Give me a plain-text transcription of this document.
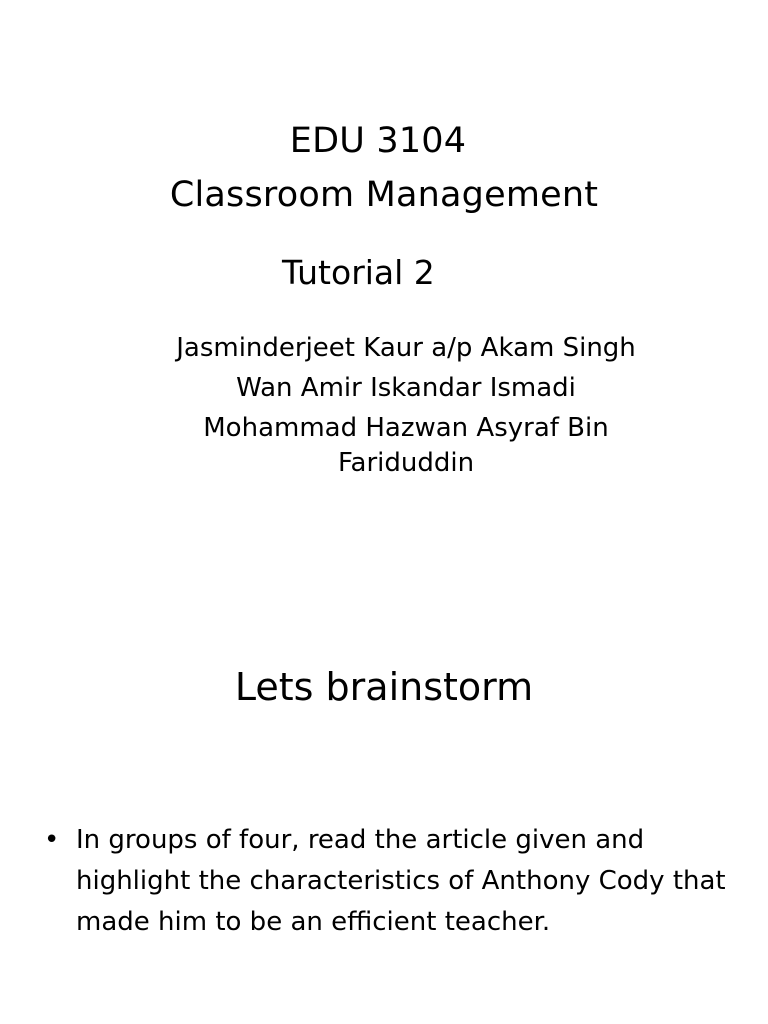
EDU 3104
Classroom Management
Tutorial 2
Jasminderjeet Kaur a/p Akam Singh
Wan Amir Iskandar Ismadi
Mohammad Hazwan Asyraf Bin
Fariduddin
Lets brainstorm
• In groups of four, read the article given and highlight the characteristics of Anthony Cody that made him to be an efficient teacher.
